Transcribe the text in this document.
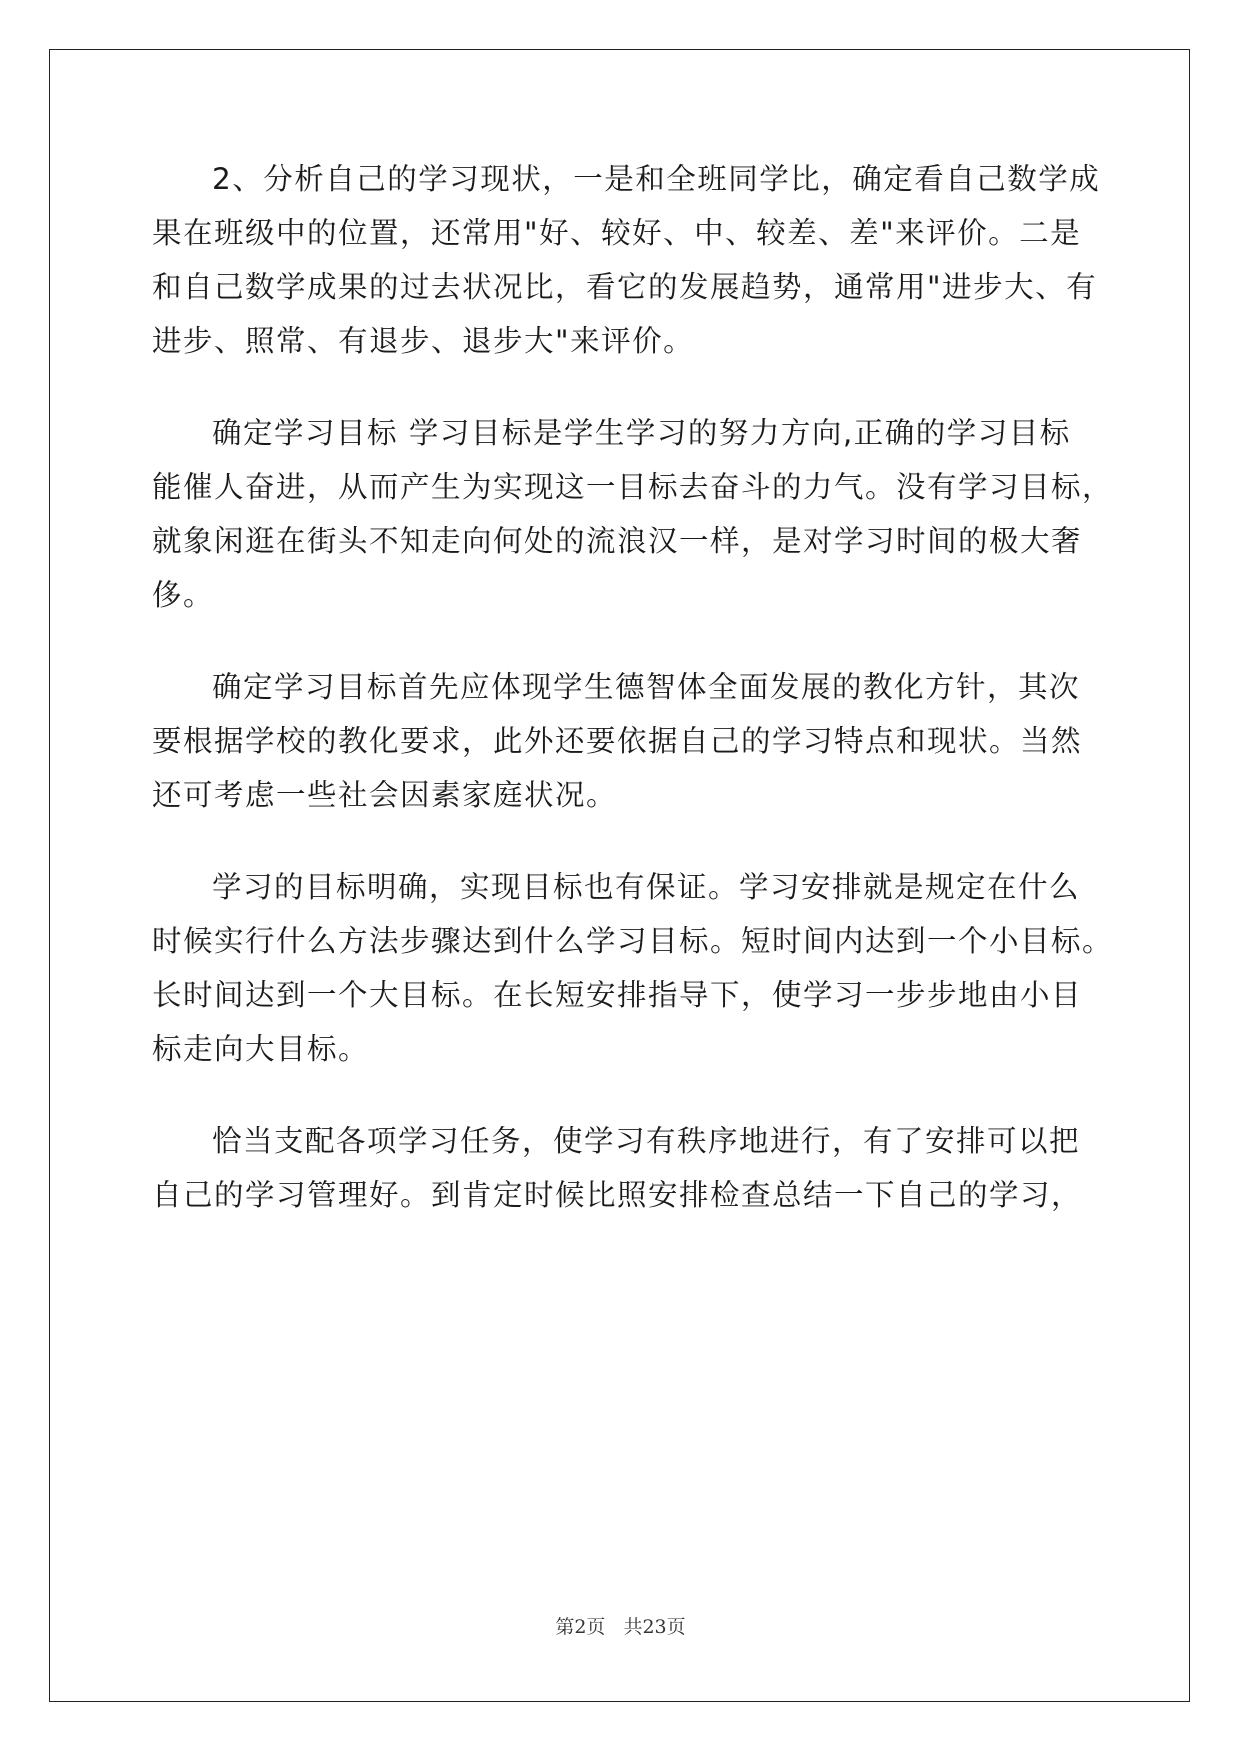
2、分析自己的学习现状，一是和全班同学比，确定看自己数学成
果在班级中的位置，还常用"好、较好、中、较差、差"来评价。二是
和自己数学成果的过去状况比，看它的发展趋势，通常用"进步大、有
进步、照常、有退步、退步大"来评价。
确定学习目标 学习目标是学生学习的努力方向,正确的学习目标
能催人奋进，从而产生为实现这一目标去奋斗的力气。没有学习目标，
就象闲逛在街头不知走向何处的流浪汉一样，是对学习时间的极大奢
侈。
确定学习目标首先应体现学生德智体全面发展的教化方针，其次
要根据学校的教化要求，此外还要依据自己的学习特点和现状。当然
还可考虑一些社会因素家庭状况。
学习的目标明确，实现目标也有保证。学习安排就是规定在什么
时候实行什么方法步骤达到什么学习目标。短时间内达到一个小目标。
长时间达到一个大目标。在长短安排指导下，使学习一步步地由小目
标走向大目标。
恰当支配各项学习任务，使学习有秩序地进行，有了安排可以把
自己的学习管理好。到肯定时候比照安排检查总结一下自己的学习，
第2页 共23页
